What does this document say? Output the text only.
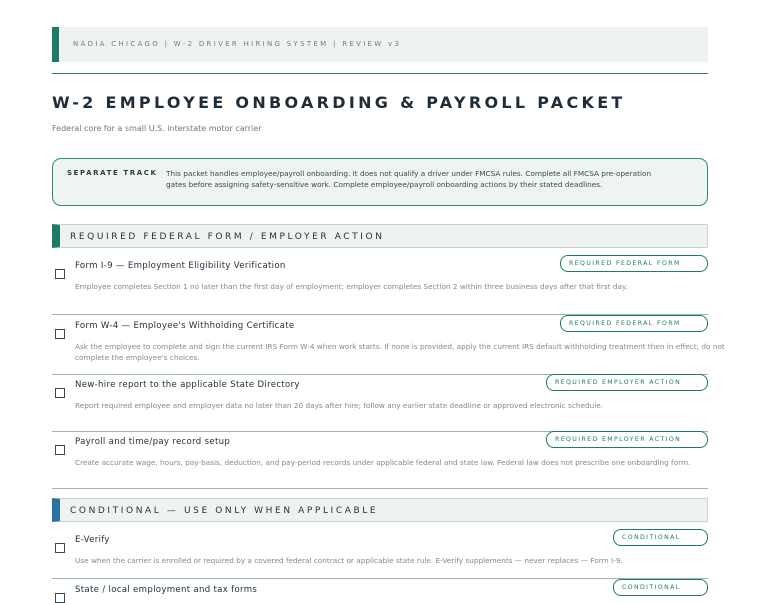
NADIA CHICAGO | W-2 DRIVER HIRING SYSTEM | REVIEW v3
W-2 EMPLOYEE ONBOARDING & PAYROLL PACKET
Federal core for a small U.S. interstate motor carrier
SEPARATE TRACK This packet handles employee/payroll onboarding. It does not qualify a driver under FMCSA rules. Complete all FMCSA pre-operation gates before assigning safety-sensitive work. Complete employee/payroll onboarding actions by their stated deadlines.
REQUIRED FEDERAL FORM / EMPLOYER ACTION
Form I-9 — Employment Eligibility Verification	REQUIRED FEDERAL FORM
Employee completes Section 1 no later than the first day of employment; employer completes Section 2 within three business days after that first day.
Form W-4 — Employee's Withholding Certificate	REQUIRED FEDERAL FORM
Ask the employee to complete and sign the current IRS Form W-4 when work starts. If none is provided, apply the current IRS default withholding treatment then in effect; do not complete the employee's choices.
New-hire report to the applicable State Directory	REQUIRED EMPLOYER ACTION
Report required employee and employer data no later than 20 days after hire; follow any earlier state deadline or approved electronic schedule.
Payroll and time/pay record setup	REQUIRED EMPLOYER ACTION
Create accurate wage, hours, pay-basis, deduction, and pay-period records under applicable federal and state law. Federal law does not prescribe one onboarding form.
CONDITIONAL — USE ONLY WHEN APPLICABLE
E-Verify	CONDITIONAL
Use when the carrier is enrolled or required by a covered federal contract or applicable state rule. E-Verify supplements — never replaces — Form I-9.
State / local employment and tax forms	CONDITIONAL
